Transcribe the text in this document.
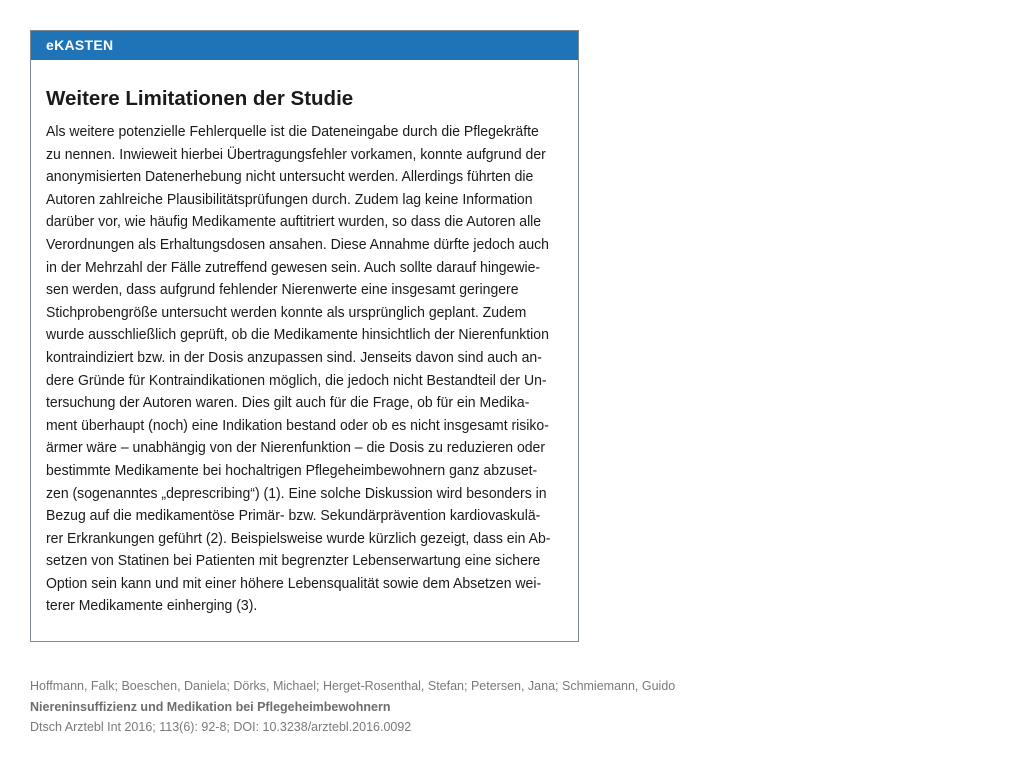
eKASTEN
Weitere Limitationen der Studie
Als weitere potenzielle Fehlerquelle ist die Dateneingabe durch die Pflegekräfte
zu nennen. Inwieweit hierbei Übertragungsfehler vorkamen, konnte aufgrund der
anonymisierten Datenerhebung nicht untersucht werden. Allerdings führten die
Autoren zahlreiche Plausibilitätsprüfungen durch. Zudem lag keine Information
darüber vor, wie häufig Medikamente auftitriert wurden, so dass die Autoren alle
Verordnungen als Erhaltungsdosen ansahen. Diese Annahme dürfte jedoch auch
in der Mehrzahl der Fälle zutreffend gewesen sein. Auch sollte darauf hingewie-
sen werden, dass aufgrund fehlender Nierenwerte eine insgesamt geringere
Stichprobengröße untersucht werden konnte als ursprünglich geplant. Zudem
wurde ausschließlich geprüft, ob die Medikamente hinsichtlich der Nierenfunktion
kontraindiziert bzw. in der Dosis anzupassen sind. Jenseits davon sind auch an-
dere Gründe für Kontraindikationen möglich, die jedoch nicht Bestandteil der Un-
tersuchung der Autoren waren. Dies gilt auch für die Frage, ob für ein Medika-
ment überhaupt (noch) eine Indikation bestand oder ob es nicht insgesamt risiko-
ärmer wäre – unabhängig von der Nierenfunktion – die Dosis zu reduzieren oder
bestimmte Medikamente bei hochaltrigen Pflegeheimbewohnern ganz abzuset-
zen (sogenanntes „deprescribing“) (1). Eine solche Diskussion wird besonders in
Bezug auf die medikamentöse Primär- bzw. Sekundärprävention kardiovaskulä-
rer Erkrankungen geführt (2). Beispielsweise wurde kürzlich gezeigt, dass ein Ab-
setzen von Statinen bei Patienten mit begrenzter Lebenserwartung eine sichere
Option sein kann und mit einer höhere Lebensqualität sowie dem Absetzen wei-
terer Medikamente einherging (3).
Hoffmann, Falk; Boeschen, Daniela; Dörks, Michael; Herget-Rosenthal, Stefan; Petersen, Jana; Schmiemann, Guido
Niereninsuffizienz und Medikation bei Pflegeheimbewohnern
Dtsch Arztebl Int 2016; 113(6): 92-8; DOI: 10.3238/arztebl.2016.0092
